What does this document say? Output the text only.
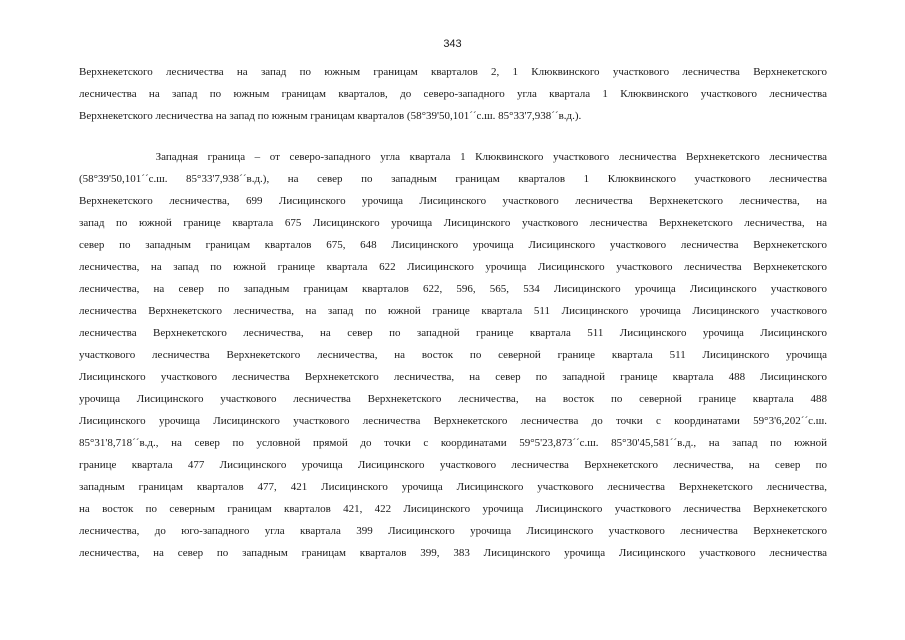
343
Верхнекетского лесничества на запад по южным границам кварталов 2, 1 Клюквинского участкового лесничества Верхнекетского
лесничества на запад по южным границам кварталов, до северо-западного угла квартала 1 Клюквинского участкового лесничества
Верхнекетского лесничества на запад по южным границам кварталов (58°39'50,101´´с.ш. 85°33'7,938´´в.д.).
Западная граница – от северо-западного угла квартала 1 Клюквинского участкового лесничества Верхнекетского лесничества
(58°39'50,101´´с.ш. 85°33'7,938´´в.д.), на север по западным границам кварталов 1 Клюквинского участкового лесничества
Верхнекетского лесничества, 699 Лисицинского урочища Лисицинского участкового лесничества Верхнекетского лесничества, на
запад по южной границе квартала 675 Лисицинского урочища Лисицинского участкового лесничества Верхнекетского лесничества, на
север по западным границам кварталов 675, 648 Лисицинского урочища Лисицинского участкового лесничества Верхнекетского
лесничества, на запад по южной границе квартала 622 Лисицинского урочища Лисицинского участкового лесничества Верхнекетского
лесничества, на север по западным границам кварталов 622, 596, 565, 534 Лисицинского урочища Лисицинского участкового
лесничества Верхнекетского лесничества, на запад по южной границе квартала 511 Лисицинского урочища Лисицинского участкового
лесничества Верхнекетского лесничества, на север по западной границе квартала 511 Лисицинского урочища Лисицинского
участкового лесничества Верхнекетского лесничества, на восток по северной границе квартала 511 Лисицинского урочища
Лисицинского участкового лесничества Верхнекетского лесничества, на север по западной границе квартала 488 Лисицинского
урочища Лисицинского участкового лесничества Верхнекетского лесничества, на восток по северной границе квартала 488
Лисицинского урочища Лисицинского участкового лесничества Верхнекетского лесничества до точки с координатами 59°3'6,202´´с.ш.
85°31'8,718´´в.д., на север по условной прямой до точки с координатами 59°5'23,873´´с.ш. 85°30'45,581´´в.д., на запад по южной
границе квартала 477 Лисицинского урочища Лисицинского участкового лесничества Верхнекетского лесничества, на север по
западным границам кварталов 477, 421 Лисицинского урочища Лисицинского участкового лесничества Верхнекетского лесничества,
на восток по северным границам кварталов 421, 422 Лисицинского урочища Лисицинского участкового лесничества Верхнекетского
лесничества, до юго-западного угла квартала 399 Лисицинского урочища Лисицинского участкового лесничества Верхнекетского
лесничества, на север по западным границам кварталов 399, 383 Лисицинского урочища Лисицинского участкового лесничества
